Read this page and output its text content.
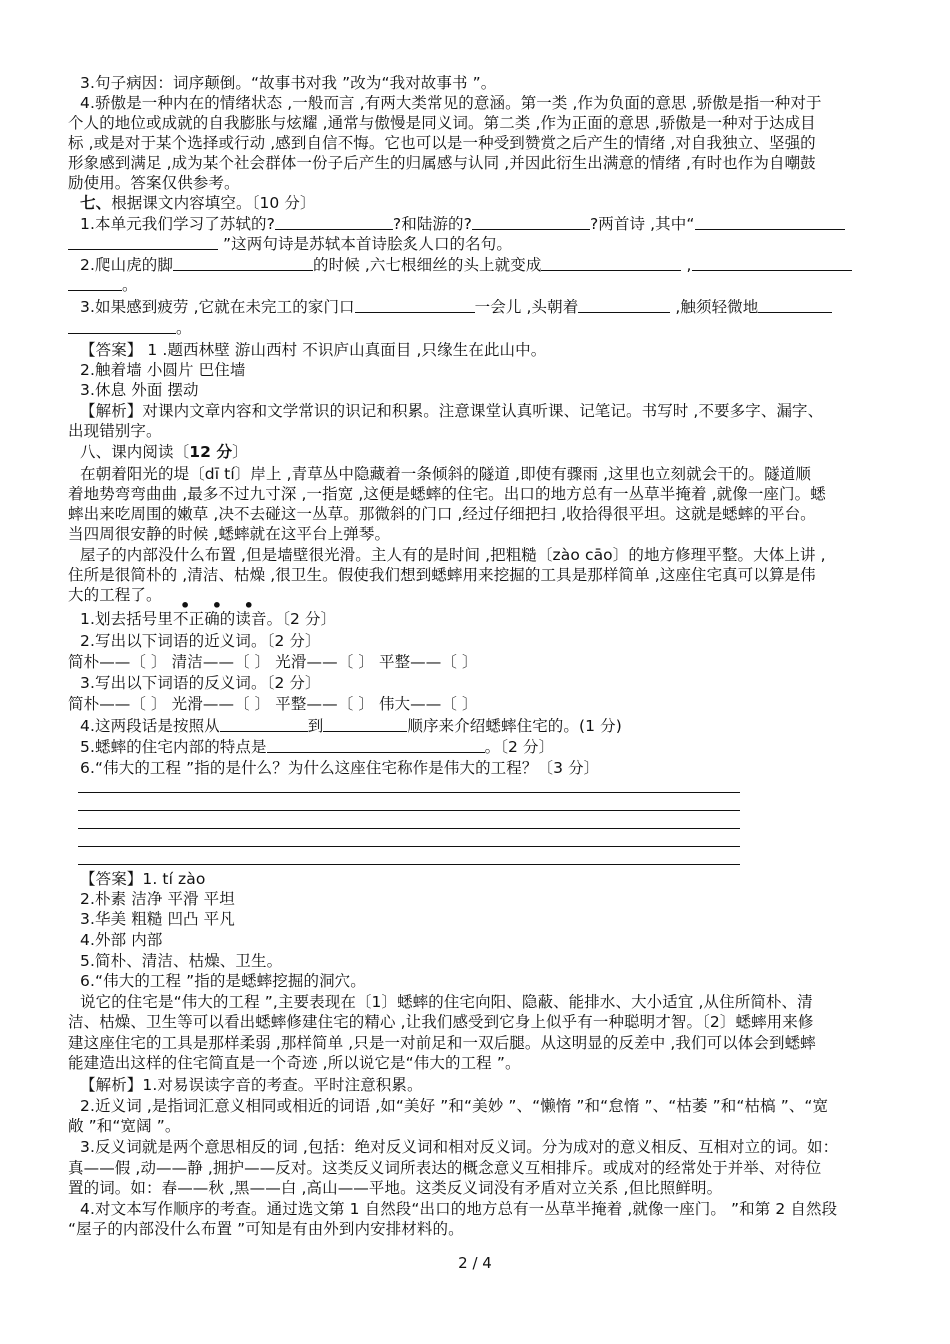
3.句子病因：词序颠倒。“故事书对我 ”改为“我对故事书 ”。
4.骄傲是一种内在的情绪状态 ,一般而言 ,有两大类常见的意涵。第一类 ,作为负面的意思 ,骄傲是指一种对于
个人的地位或成就的自我膨胀与炫耀 ,通常与傲慢是同义词。第二类 ,作为正面的意思 ,骄傲是一种对于达成目
标 ,或是对于某个选择或行动 ,感到自信不悔。它也可以是一种受到赞赏之后产生的情绪 ,对自我独立、坚强的
形象感到满足 ,成为某个社会群体一份子后产生的归属感与认同 ,并因此衍生出满意的情绪 ,有时也作为自嘲鼓
励使用。答案仅供参考。
七、根据课文内容填空。〔10 分〕
1.本单元我们学习了苏轼的?	?和陆游的?	?两首诗 ,其中“
”这两句诗是苏轼本首诗脍炙人口的名句。
2.爬山虎的脚	的时候 ,六七根细丝的头上就变成	,
。
3.如果感到疲劳 ,它就在未完工的家门口	一会儿 ,头朝着	,触须轻微地
。
【答案】 1 .题西林壁 游山西村 不识庐山真面目 ,只缘生在此山中。
2.触着墙 小圆片 巴住墙
3.休息 外面 摆动
【解析】对课内文章内容和文学常识的识记和积累。注意课堂认真听课、记笔记。书写时 ,不要多字、漏字、
出现错别字。
八、课内阅读〔12 分〕
在朝着阳光的堤〔dī tí〕岸上 ,青草丛中隐藏着一条倾斜的隧道 ,即使有骤雨 ,这里也立刻就会干的。隧道顺
着地势弯弯曲曲 ,最多不过九寸深 ,一指宽 ,这便是蟋蟀的住宅。出口的地方总有一丛草半掩着 ,就像一座门。蟋
蟀出来吃周围的嫩草 ,决不去碰这一丛草。那微斜的门口 ,经过仔细把扫 ,收拾得很平坦。这就是蟋蟀的平台。
当四周很安静的时候 ,蟋蟀就在这平台上弹琴。
屋子的内部没什么布置 ,但是墙壁很光滑。主人有的是时间 ,把粗糙〔zào cāo〕的地方修理平整。大体上讲 ,
住所是很简朴的 ,清洁、枯燥 ,很卫生。假使我们想到蟋蟀用来挖掘的工具是那样简单 ,这座住宅真可以算是伟
大的工程了。
• • •
1.划去括号里不正确的读音。〔2 分〕
2.写出以下词语的近义词。〔2 分〕
简朴——〔 〕 清洁——〔 〕 光滑——〔 〕 平整——〔 〕
3.写出以下词语的反义词。〔2 分〕
简朴——〔 〕 光滑——〔 〕 平整——〔 〕 伟大——〔 〕
4.这两段话是按照从	到	顺序来介绍蟋蟀住宅的。(1 分)
5.蟋蟀的住宅内部的特点是	。〔2 分〕
6.“伟大的工程 ”指的是什么？为什么这座住宅称作是伟大的工程？〔3 分〕
【答案】1. tí zào
2.朴素 洁净 平滑 平坦
3.华美 粗糙 凹凸 平凡
4.外部 内部
5.简朴、清洁、枯燥、卫生。
6.“伟大的工程 ”指的是蟋蟀挖掘的洞穴。
说它的住宅是“伟大的工程 ”,主要表现在〔1〕蟋蟀的住宅向阳、隐蔽、能排水、大小适宜 ,从住所简朴、清
洁、枯燥、卫生等可以看出蟋蟀修建住宅的精心 ,让我们感受到它身上似乎有一种聪明才智。〔2〕蟋蟀用来修
建这座住宅的工具是那样柔弱 ,那样简单 ,只是一对前足和一双后腿。从这明显的反差中 ,我们可以体会到蟋蟀
能建造出这样的住宅简直是一个奇迹 ,所以说它是“伟大的工程 ”。
【解析】1.对易误读字音的考查。平时注意积累。
2.近义词 ,是指词汇意义相同或相近的词语 ,如“美好 ”和“美妙 ”、“懒惰 ”和“怠惰 ”、“枯萎 ”和“枯槁 ”、“宽
敞 ”和“宽阔 ”。
3.反义词就是两个意思相反的词 ,包括：绝对反义词和相对反义词。分为成对的意义相反、互相对立的词。如：
真——假 ,动——静 ,拥护——反对。这类反义词所表达的概念意义互相排斥。或成对的经常处于并举、对待位
置的词。如：春——秋 ,黑——白 ,高山——平地。这类反义词没有矛盾对立关系 ,但比照鲜明。
4.对文本写作顺序的考查。通过选文第 1 自然段“出口的地方总有一丛草半掩着 ,就像一座门。 ”和第 2 自然段
“屋子的内部没什么布置 ”可知是有由外到内安排材料的。
2 / 4
